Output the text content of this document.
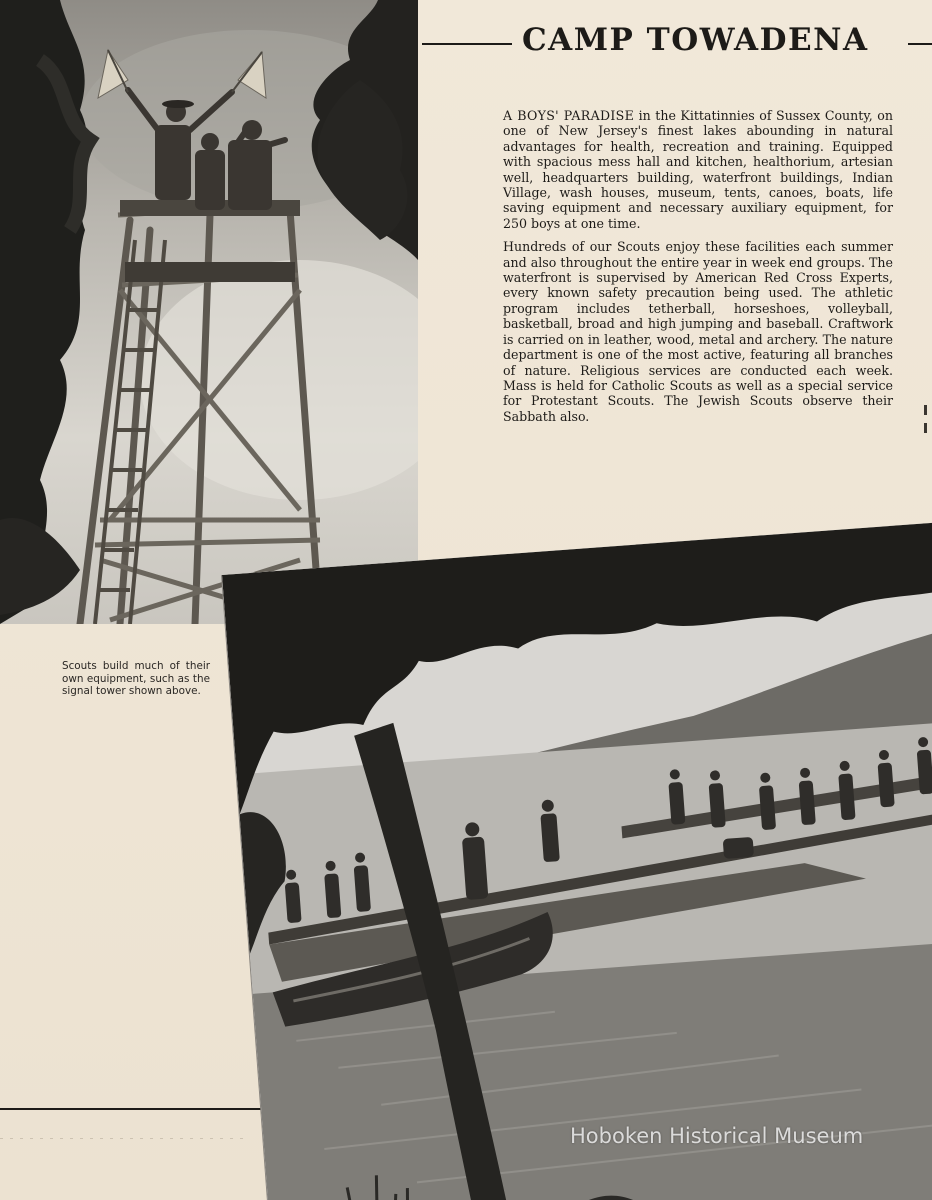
CAMP TOWADENA

A BOYS' PARADISE in the Kittatinnies of Sussex County, on one of New Jersey's finest lakes abounding in natural advantages for health, recreation and training. Equipped with spacious mess hall and kitchen, healthorium, artesian well, headquarters building, waterfront buildings, Indian Village, wash houses, museum, tents, canoes, boats, life saving equipment and necessary auxiliary equipment, for 250 boys at one time.

Hundreds of our Scouts enjoy these facilities each summer and also throughout the entire year in week end groups. The waterfront is supervised by American Red Cross Experts, every known safety precaution being used. The athletic program includes tetherball, horseshoes, volleyball, basketball, broad and high jumping and baseball. Craftwork is carried on in leather, wood, metal and archery. The nature department is one of the most active, featuring all branches of nature. Religious services are conducted each week. Mass is held for Catholic Scouts as well as a special service for Protestant Scouts. The Jewish Scouts observe their Sabbath also.

Scouts build much of their own equipment, such as the signal tower shown above.
Hoboken Historical Museum
